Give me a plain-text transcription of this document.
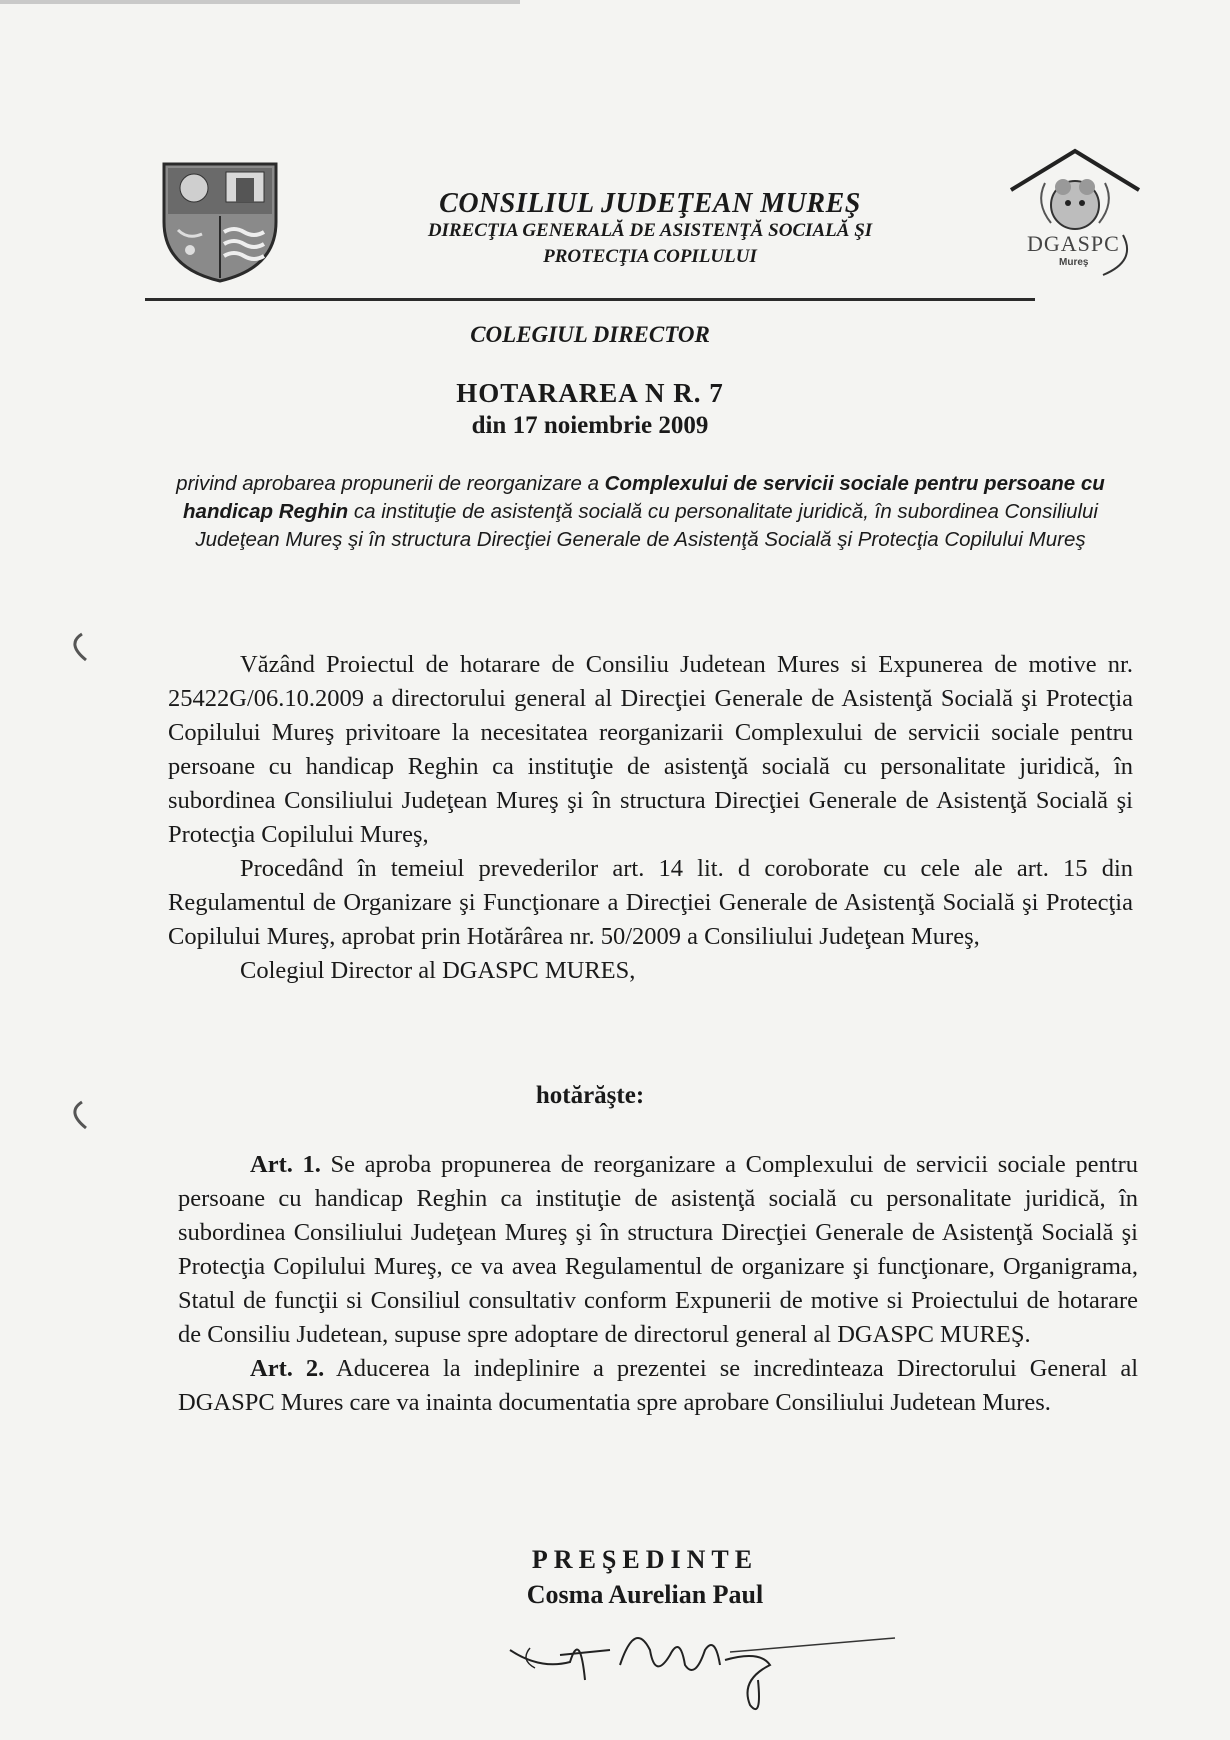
DGASPC
Mureş
CONSILIUL JUDEŢEAN MUREŞ

DIRECŢIA GENERALĂ DE ASISTENŢĂ SOCIALĂ ŞI

PROTECŢIA COPILULUI

COLEGIUL DIRECTOR

HOTARAREA N R. 7

din 17 noiembrie 2009

privind aprobarea propunerii de reorganizare a Complexului de servicii sociale pentru persoane cu handicap Reghin ca instituţie de asistenţă socială cu personalitate juridică, în subordinea Consiliului Judeţean Mureş şi în structura Direcţiei Generale de Asistenţă Socială şi Protecţia Copilului Mureş

Văzând Proiectul de hotarare de Consiliu Judetean Mures si Expunerea de motive nr. 25422G/06.10.2009 a directorului general al Direcţiei Generale de Asistenţă Socială şi Protecţia Copilului Mureş privitoare la necesitatea reorganizarii Complexului de servicii sociale pentru persoane cu handicap Reghin ca instituţie de asistenţă socială cu personalitate juridică, în subordinea Consiliului Judeţean Mureş şi în structura Direcţiei Generale de Asistenţă Socială şi Protecţia Copilului Mureş,

Procedând în temeiul prevederilor art. 14 lit. d coroborate cu cele ale art. 15 din Regulamentul de Organizare şi Funcţionare a Direcţiei Generale de Asistenţă Socială şi Protecţia Copilului Mureş, aprobat prin Hotărârea nr. 50/2009 a Consiliului Judeţean Mureş,

Colegiul Director al DGASPC MURES,

hotărăşte:

Art. 1. Se aproba propunerea de reorganizare a Complexului de servicii sociale pentru persoane cu handicap Reghin ca instituţie de asistenţă socială cu personalitate juridică, în subordinea Consiliului Judeţean Mureş şi în structura Direcţiei Generale de Asistenţă Socială şi Protecţia Copilului Mureş, ce va avea Regulamentul de organizare şi funcţionare, Organigrama, Statul de funcţii si Consiliul consultativ conform Expunerii de motive si Proiectului de hotarare de Consiliu Judetean, supuse spre adoptare de directorul general al DGASPC MUREŞ.

Art. 2. Aducerea la indeplinire a prezentei se incredinteaza Directorului General al DGASPC Mures care va inainta documentatia spre aprobare Consiliului Judetean Mures.

PREŞEDINTE

Cosma Aurelian Paul
